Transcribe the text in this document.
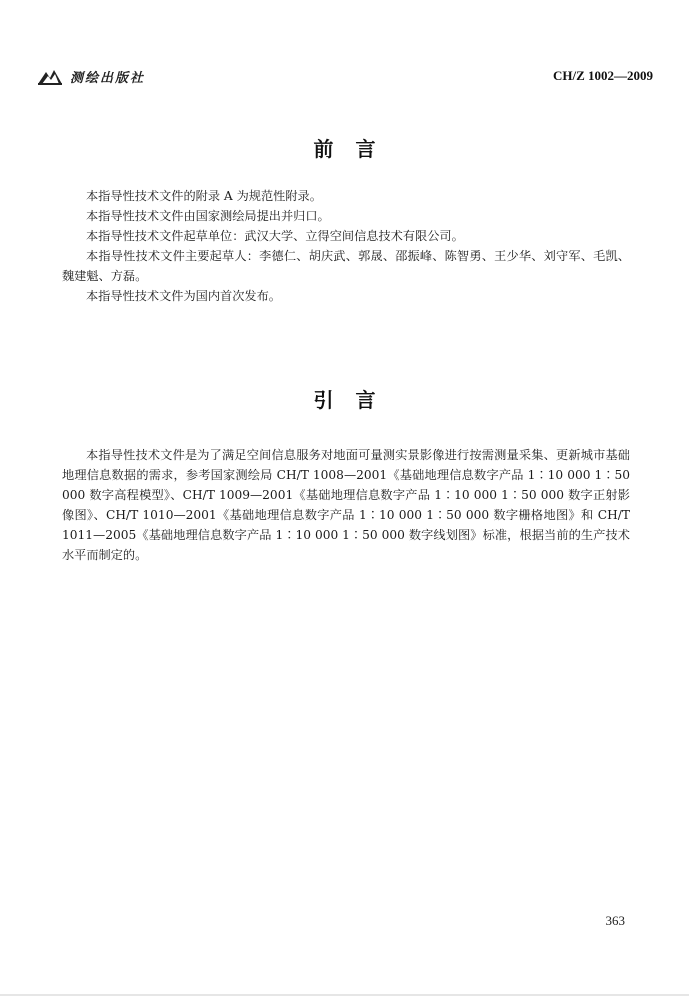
测绘出版社	CH/Z 1002—2009
前言

本指导性技术文件的附录 A 为规范性附录。

本指导性技术文件由国家测绘局提出并归口。

本指导性技术文件起草单位：武汉大学、立得空间信息技术有限公司。

本指导性技术文件主要起草人：李德仁、胡庆武、郭晟、邵振峰、陈智勇、王少华、刘守军、毛凯、魏建魁、方磊。

本指导性技术文件为国内首次发布。

引言

本指导性技术文件是为了满足空间信息服务对地面可量测实景影像进行按需测量采集、更新城市基础地理信息数据的需求，参考国家测绘局 CH/T 1008—2001《基础地理信息数字产品 1∶10 000 1∶50 000 数字高程模型》、CH/T 1009—2001《基础地理信息数字产品 1∶10 000 1∶50 000 数字正射影像图》、CH/T 1010—2001《基础地理信息数字产品 1∶10 000 1∶50 000 数字栅格地图》和 CH/T 1011—2005《基础地理信息数字产品 1∶10 000 1∶50 000 数字线划图》标准，根据当前的生产技术水平而制定的。

363
